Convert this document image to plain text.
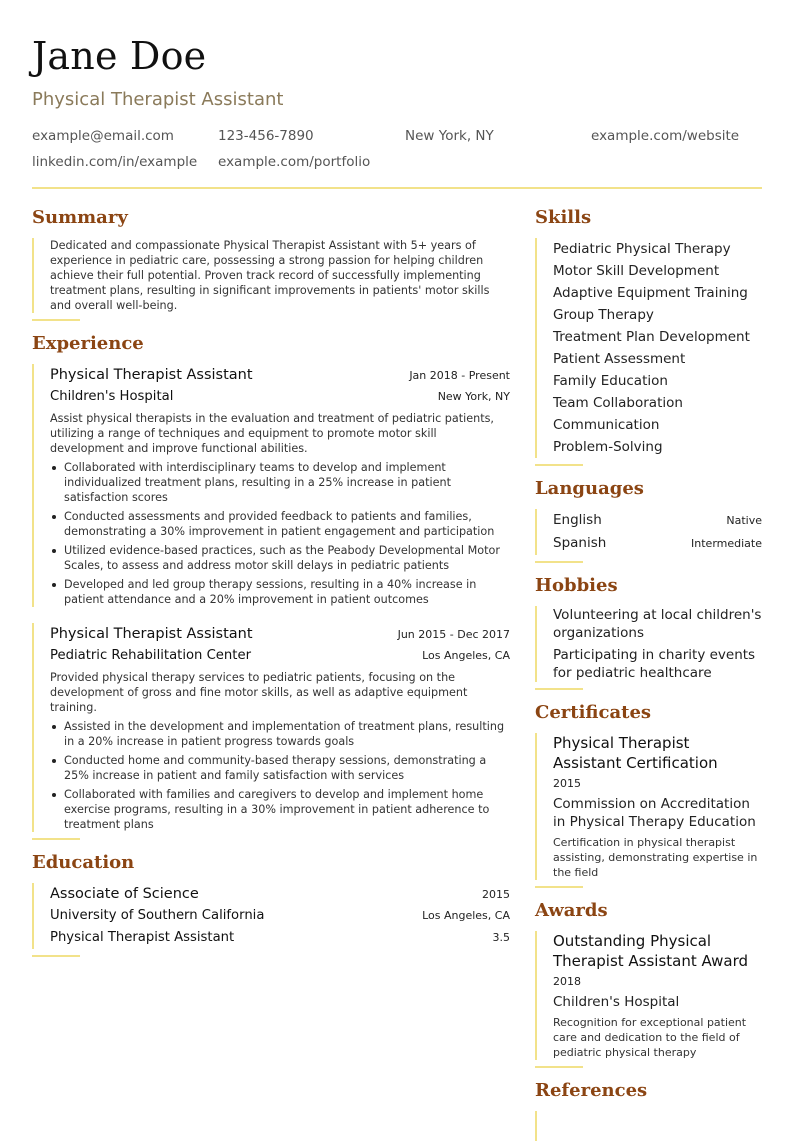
Jane Doe
Physical Therapist Assistant
example@email.com	123-456-7890	New York, NY	example.com/website
linkedin.com/in/example example.com/portfolio
Summary

Dedicated and compassionate Physical Therapist Assistant with 5+ years of experience in pediatric care, possessing a strong passion for helping children achieve their full potential. Proven track record of successfully implementing treatment plans, resulting in significant improvements in patients' motor skills and overall well-being.

Experience
Physical Therapist Assistant	Jan 2018 - Present
Children's Hospital	New York, NY

Assist physical therapists in the evaluation and treatment of pediatric patients, utilizing a range of techniques and equipment to promote motor skill development and improve functional abilities.

Collaborated with interdisciplinary teams to develop and implement individualized treatment plans, resulting in a 25% increase in patient satisfaction scores
Conducted assessments and provided feedback to patients and families, demonstrating a 30% improvement in patient engagement and participation
Utilized evidence-based practices, such as the Peabody Developmental Motor Scales, to assess and address motor skill delays in pediatric patients
Developed and led group therapy sessions, resulting in a 40% increase in patient attendance and a 20% improvement in patient outcomes
Physical Therapist Assistant	Jun 2015 - Dec 2017
Pediatric Rehabilitation Center	Los Angeles, CA

Provided physical therapy services to pediatric patients, focusing on the development of gross and fine motor skills, as well as adaptive equipment training.

Assisted in the development and implementation of treatment plans, resulting in a 20% increase in patient progress towards goals
Conducted home and community-based therapy sessions, demonstrating a 25% increase in patient and family satisfaction with services
Collaborated with families and caregivers to develop and implement home exercise programs, resulting in a 30% improvement in patient adherence to treatment plans
Education
Associate of Science	2015
University of Southern California	Los Angeles, CA
Physical Therapist Assistant	3.5
Skills
Pediatric Physical Therapy
Motor Skill Development
Adaptive Equipment Training
Group Therapy
Treatment Plan Development
Patient Assessment
Family Education
Team Collaboration
Communication
Problem-Solving
Languages
English	Native
Spanish	Intermediate
Hobbies
Volunteering at local children's organizations
Participating in charity events for pediatric healthcare
Certificates
Physical Therapist Assistant Certification
2015
Commission on Accreditation in Physical Therapy Education
Certification in physical therapist assisting, demonstrating expertise in the field
Awards
Outstanding Physical Therapist Assistant Award
2018
Children's Hospital
Recognition for exceptional patient care and dedication to the field of pediatric physical therapy
References
